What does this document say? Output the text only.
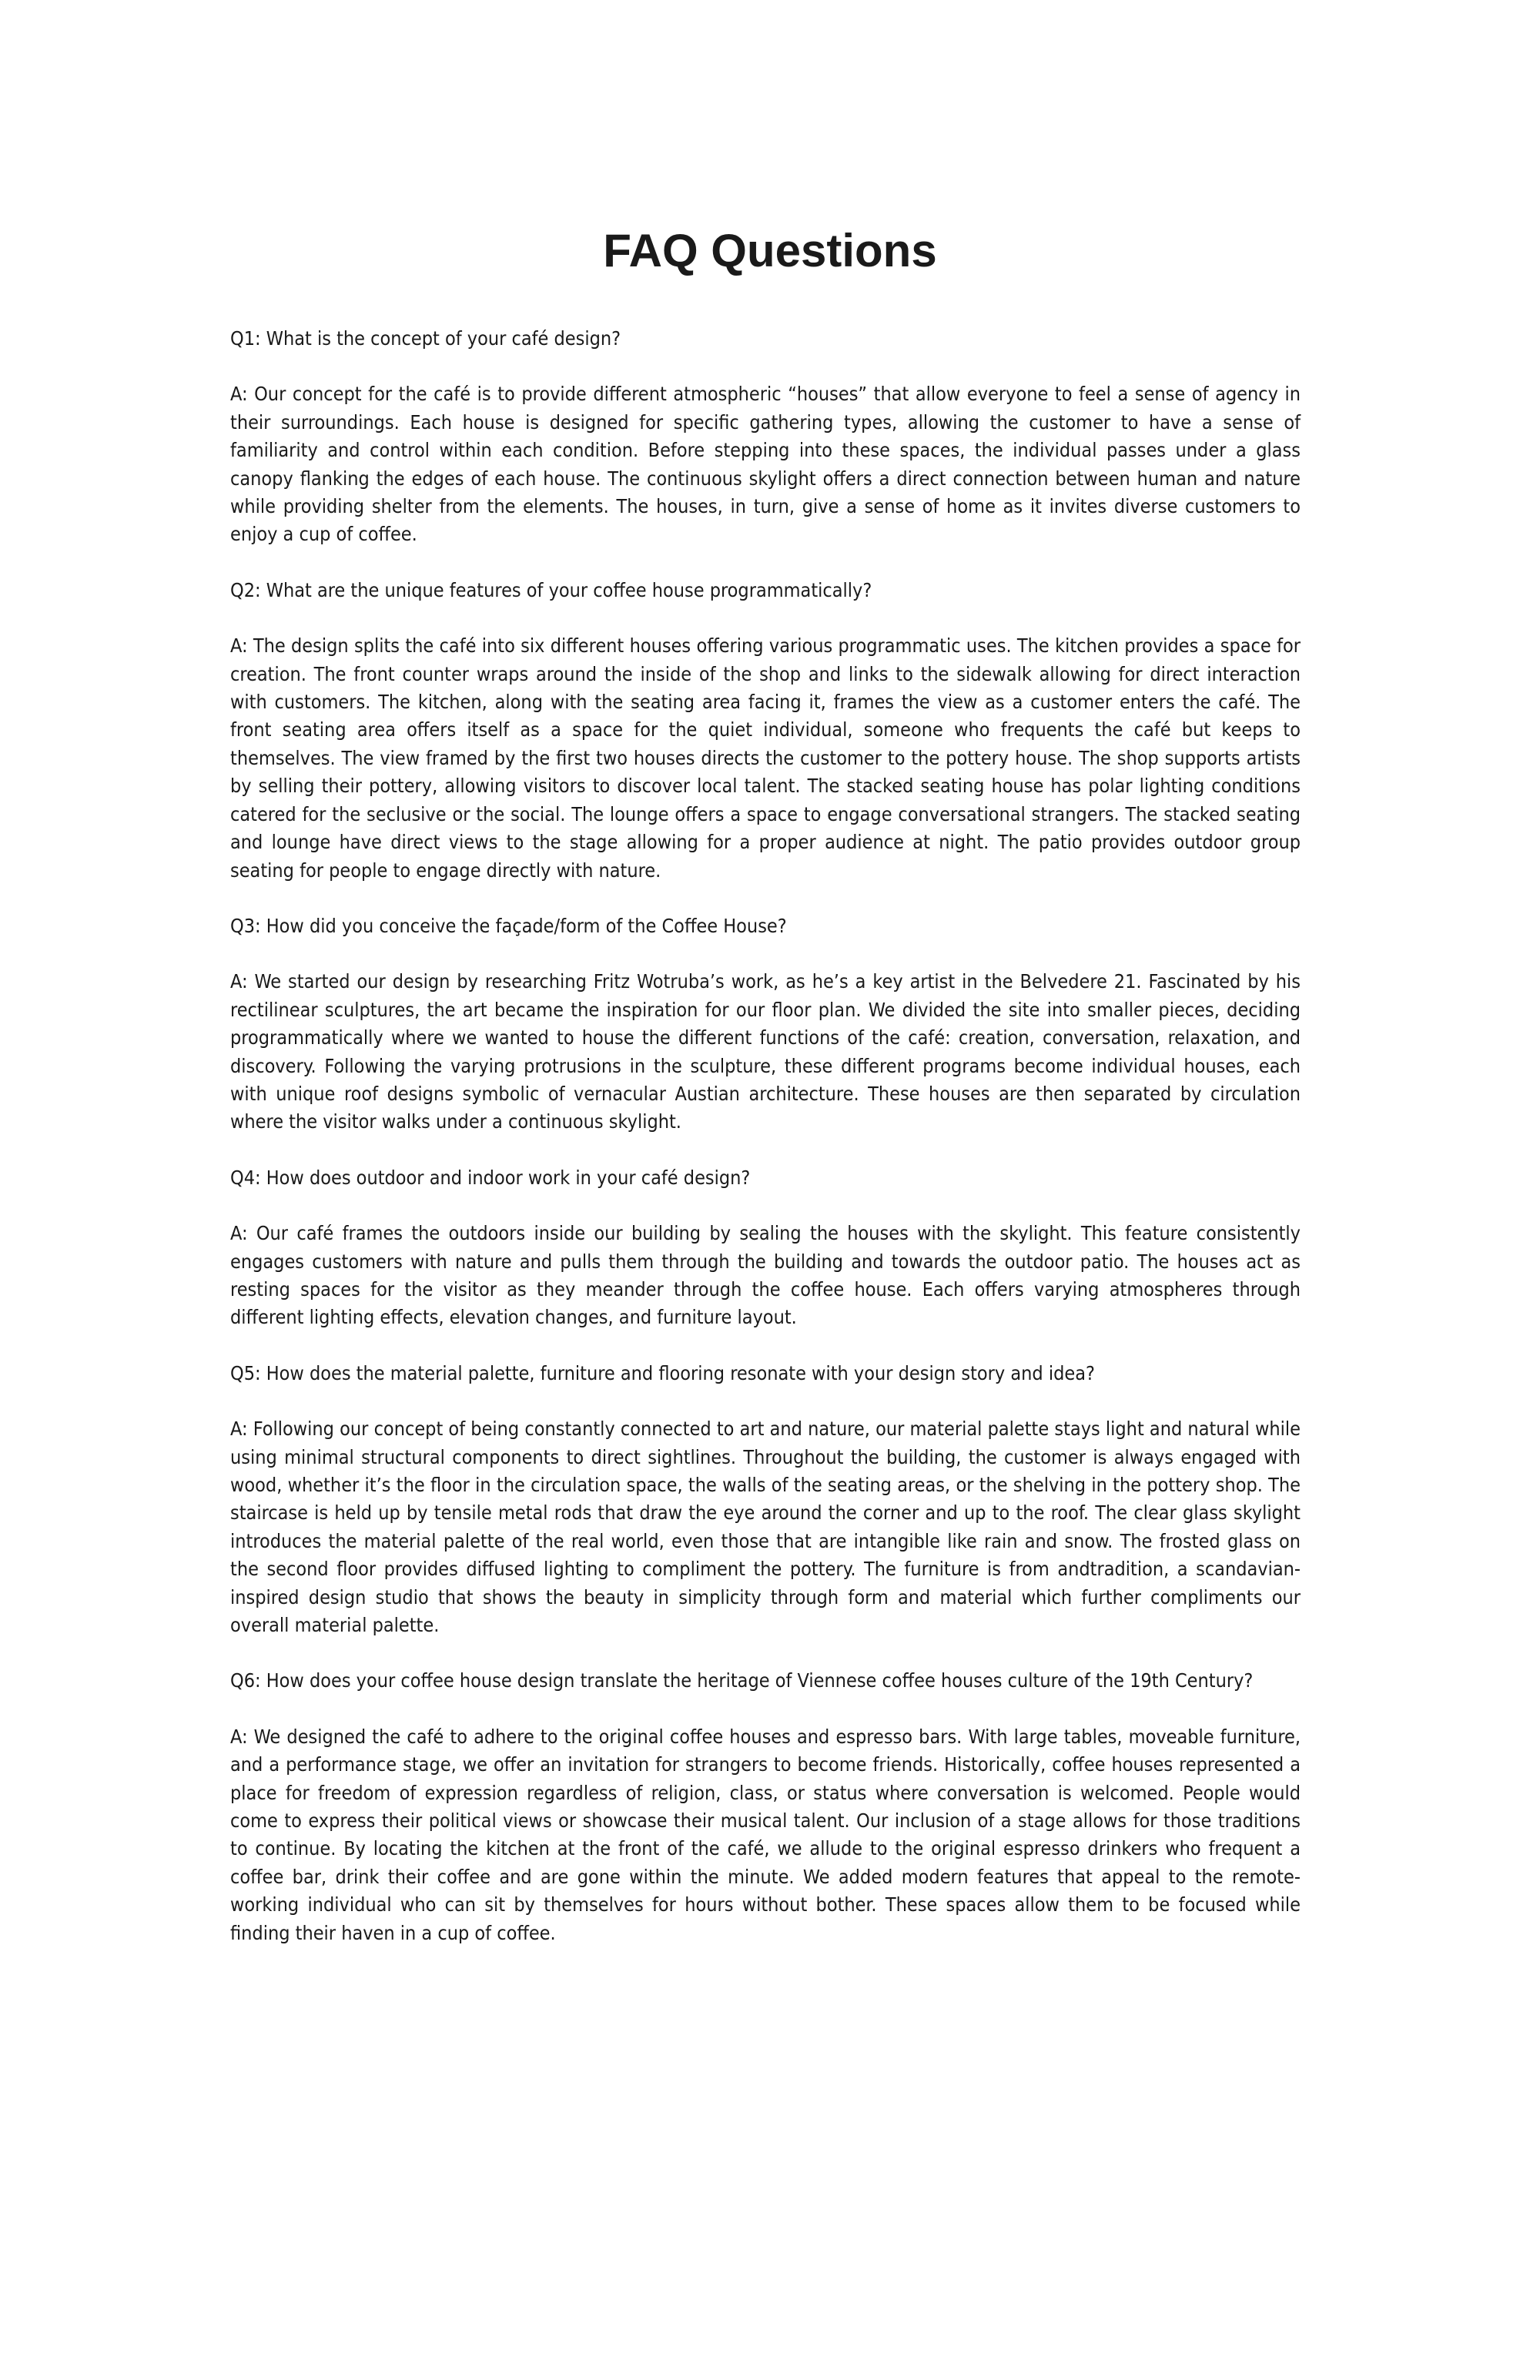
FAQ Questions

Q1: What is the concept of your café design?

A: Our concept for the café is to provide different atmospheric “houses” that allow everyone to feel a sense of agency in their surroundings. Each house is designed for specific gathering types, allowing the customer to have a sense of familiarity and control within each condition. Before stepping into these spaces, the individual passes under a glass canopy flanking the edges of each house. The continuous skylight offers a direct connection between human and nature while providing shelter from the elements. The houses, in turn, give a sense of home as it invites diverse customers to enjoy a cup of coffee.

Q2: What are the unique features of your coffee house programmatically?

A: The design splits the café into six different houses offering various programmatic uses. The kitchen provides a space for creation. The front counter wraps around the inside of the shop and links to the sidewalk allowing for direct interaction with customers. The kitchen, along with the seating area facing it, frames the view as a customer enters the café. The front seating area offers itself as a space for the quiet individual, someone who frequents the café but keeps to themselves. The view framed by the first two houses directs the customer to the pottery house. The shop supports artists by selling their pottery, allowing visitors to discover local talent. The stacked seating house has polar lighting conditions catered for the seclusive or the social. The lounge offers a space to engage conversational strangers. The stacked seating and lounge have direct views to the stage allowing for a proper audience at night. The patio provides outdoor group seating for people to engage directly with nature.

Q3: How did you conceive the façade/form of the Coffee House?

A: We started our design by researching Fritz Wotruba’s work, as he’s a key artist in the Belvedere 21. Fascinated by his rectilinear sculptures, the art became the inspiration for our floor plan. We divided the site into smaller pieces, deciding programmatically where we wanted to house the different functions of the café: creation, conversation, relaxation, and discovery. Following the varying protrusions in the sculpture, these different programs become individual houses, each with unique roof designs symbolic of vernacular Austian architecture. These houses are then separated by circulation where the visitor walks under a continuous skylight.

Q4: How does outdoor and indoor work in your café design?

A: Our café frames the outdoors inside our building by sealing the houses with the skylight. This feature consistently engages customers with nature and pulls them through the building and towards the outdoor patio. The houses act as resting spaces for the visitor as they meander through the coffee house. Each offers varying atmospheres through different lighting effects, elevation changes, and furniture layout.

Q5: How does the material palette, furniture and flooring resonate with your design story and idea?

A: Following our concept of being constantly connected to art and nature, our material palette stays light and natural while using minimal structural components to direct sightlines. Throughout the building, the customer is always engaged with wood, whether it’s the floor in the circulation space, the walls of the seating areas, or the shelving in the pottery shop. The staircase is held up by tensile metal rods that draw the eye around the corner and up to the roof. The clear glass skylight introduces the material palette of the real world, even those that are intangible like rain and snow. The frosted glass on the second floor provides diffused lighting to compliment the pottery. The furniture is from andtradition, a scandavian-inspired design studio that shows the beauty in simplicity through form and material which further compliments our overall material palette.

Q6: How does your coffee house design translate the heritage of Viennese coffee houses culture of the 19th Century?

A: We designed the café to adhere to the original coffee houses and espresso bars. With large tables, moveable furniture, and a performance stage, we offer an invitation for strangers to become friends. Historically, coffee houses represented a place for freedom of expression regardless of religion, class, or status where conversation is welcomed. People would come to express their political views or showcase their musical talent. Our inclusion of a stage allows for those traditions to continue. By locating the kitchen at the front of the café, we allude to the original espresso drinkers who frequent a coffee bar, drink their coffee and are gone within the minute. We added modern features that appeal to the remote-working individual who can sit by themselves for hours without bother. These spaces allow them to be focused while finding their haven in a cup of coffee.
